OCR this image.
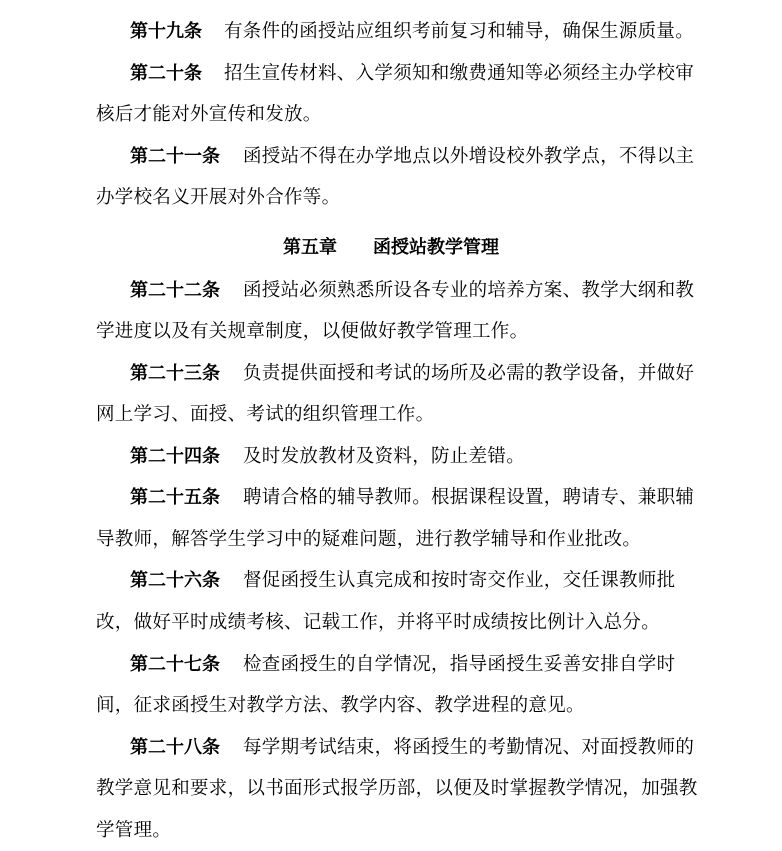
第十九条 有条件的函授站应组织考前复习和辅导，确保生源质量。
第二十条 招生宣传材料、入学须知和缴费通知等必须经主办学校审
核后才能对外宣传和发放。
第二十一条 函授站不得在办学地点以外增设校外教学点，不得以主
办学校名义开展对外合作等。
第五章　　 函授站教学管理
第二十二条 函授站必须熟悉所设各专业的培养方案、教学大纲和教
学进度以及有关规章制度，以便做好教学管理工作。
第二十三条 负责提供面授和考试的场所及必需的教学设备，并做好
网上学习、面授、考试的组织管理工作。
第二十四条 及时发放教材及资料，防止差错。
第二十五条 聘请合格的辅导教师。根据课程设置，聘请专、兼职辅
导教师，解答学生学习中的疑难问题，进行教学辅导和作业批改。
第二十六条 督促函授生认真完成和按时寄交作业，交任课教师批
改，做好平时成绩考核、记载工作，并将平时成绩按比例计入总分。
第二十七条 检查函授生的自学情况，指导函授生妥善安排自学时
间，征求函授生对教学方法、教学内容、教学进程的意见。
第二十八条 每学期考试结束，将函授生的考勤情况、对面授教师的
教学意见和要求，以书面形式报学历部，以便及时掌握教学情况，加强教
学管理。
